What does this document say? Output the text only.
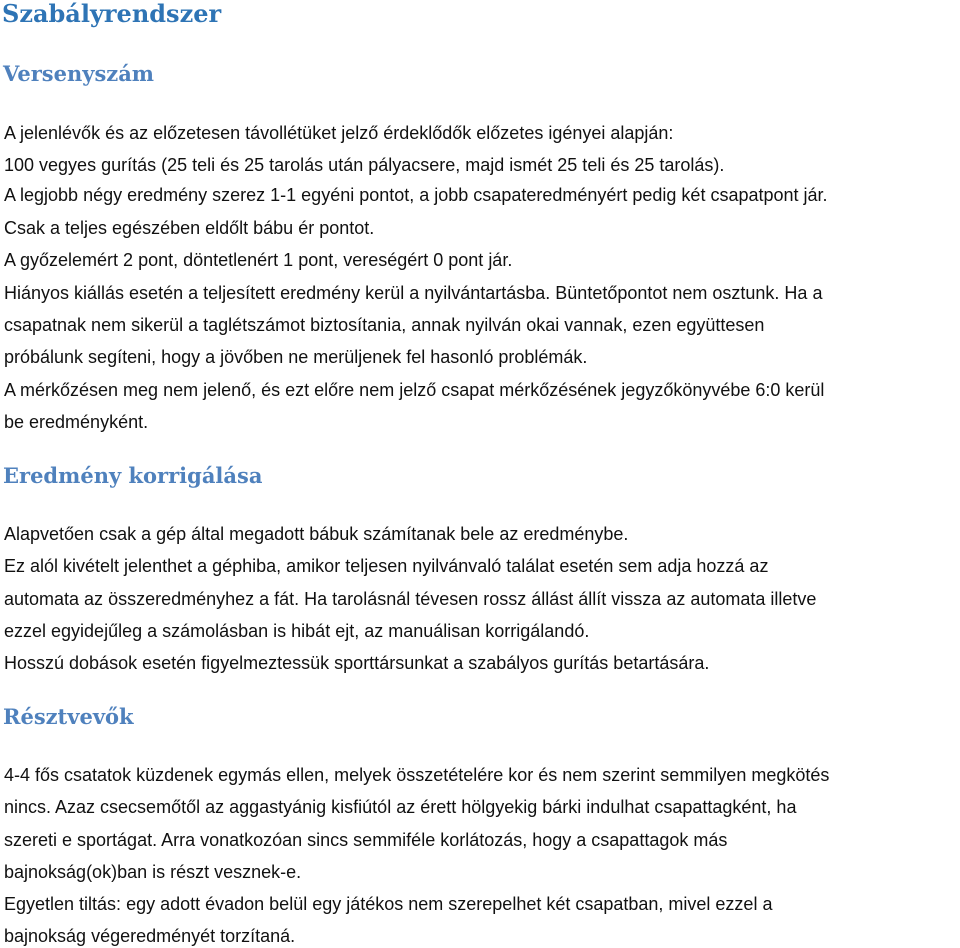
Szabályrendszer
Versenyszám

A jelenlévők és az előzetesen távollétüket jelző érdeklődők előzetes igényei alapján:

100 vegyes gurítás (25 teli és 25 tarolás után pályacsere, majd ismét 25 teli és 25 tarolás).

A legjobb négy eredmény szerez 1-1 egyéni pontot, a jobb csapateredményért pedig két csapatpont jár.

Csak a teljes egészében eldőlt bábu ér pontot.

A győzelemért 2 pont, döntetlenért 1 pont, vereségért 0 pont jár.

Hiányos kiállás esetén a teljesített eredmény kerül a nyilvántartásba. Büntetőpontot nem osztunk. Ha a

csapatnak nem sikerül a taglétszámot biztosítania, annak nyilván okai vannak, ezen együttesen

próbálunk segíteni, hogy a jövőben ne merüljenek fel hasonló problémák.

A mérkőzésen meg nem jelenő, és ezt előre nem jelző csapat mérkőzésének jegyzőkönyvébe 6:0 kerül

be eredményként.

Eredmény korrigálása

Alapvetően csak a gép által megadott bábuk számítanak bele az eredménybe.

Ez alól kivételt jelenthet a géphiba, amikor teljesen nyilvánvaló találat esetén sem adja hozzá az

automata az összeredményhez a fát. Ha tarolásnál tévesen rossz állást állít vissza az automata illetve

ezzel egyidejűleg a számolásban is hibát ejt, az manuálisan korrigálandó.

Hosszú dobások esetén figyelmeztessük sporttársunkat a szabályos gurítás betartására.

Résztvevők

4-4 fős csatatok küzdenek egymás ellen, melyek összetételére kor és nem szerint semmilyen megkötés

nincs. Azaz csecsemőtől az aggastyánig kisfiútól az érett hölgyekig bárki indulhat csapattagként, ha

szereti e sportágat. Arra vonatkozóan sincs semmiféle korlátozás, hogy a csapattagok más

bajnokság(ok)ban is részt vesznek-e.

Egyetlen tiltás: egy adott évadon belül egy játékos nem szerepelhet két csapatban, mivel ezzel a

bajnokság végeredményét torzítaná.
